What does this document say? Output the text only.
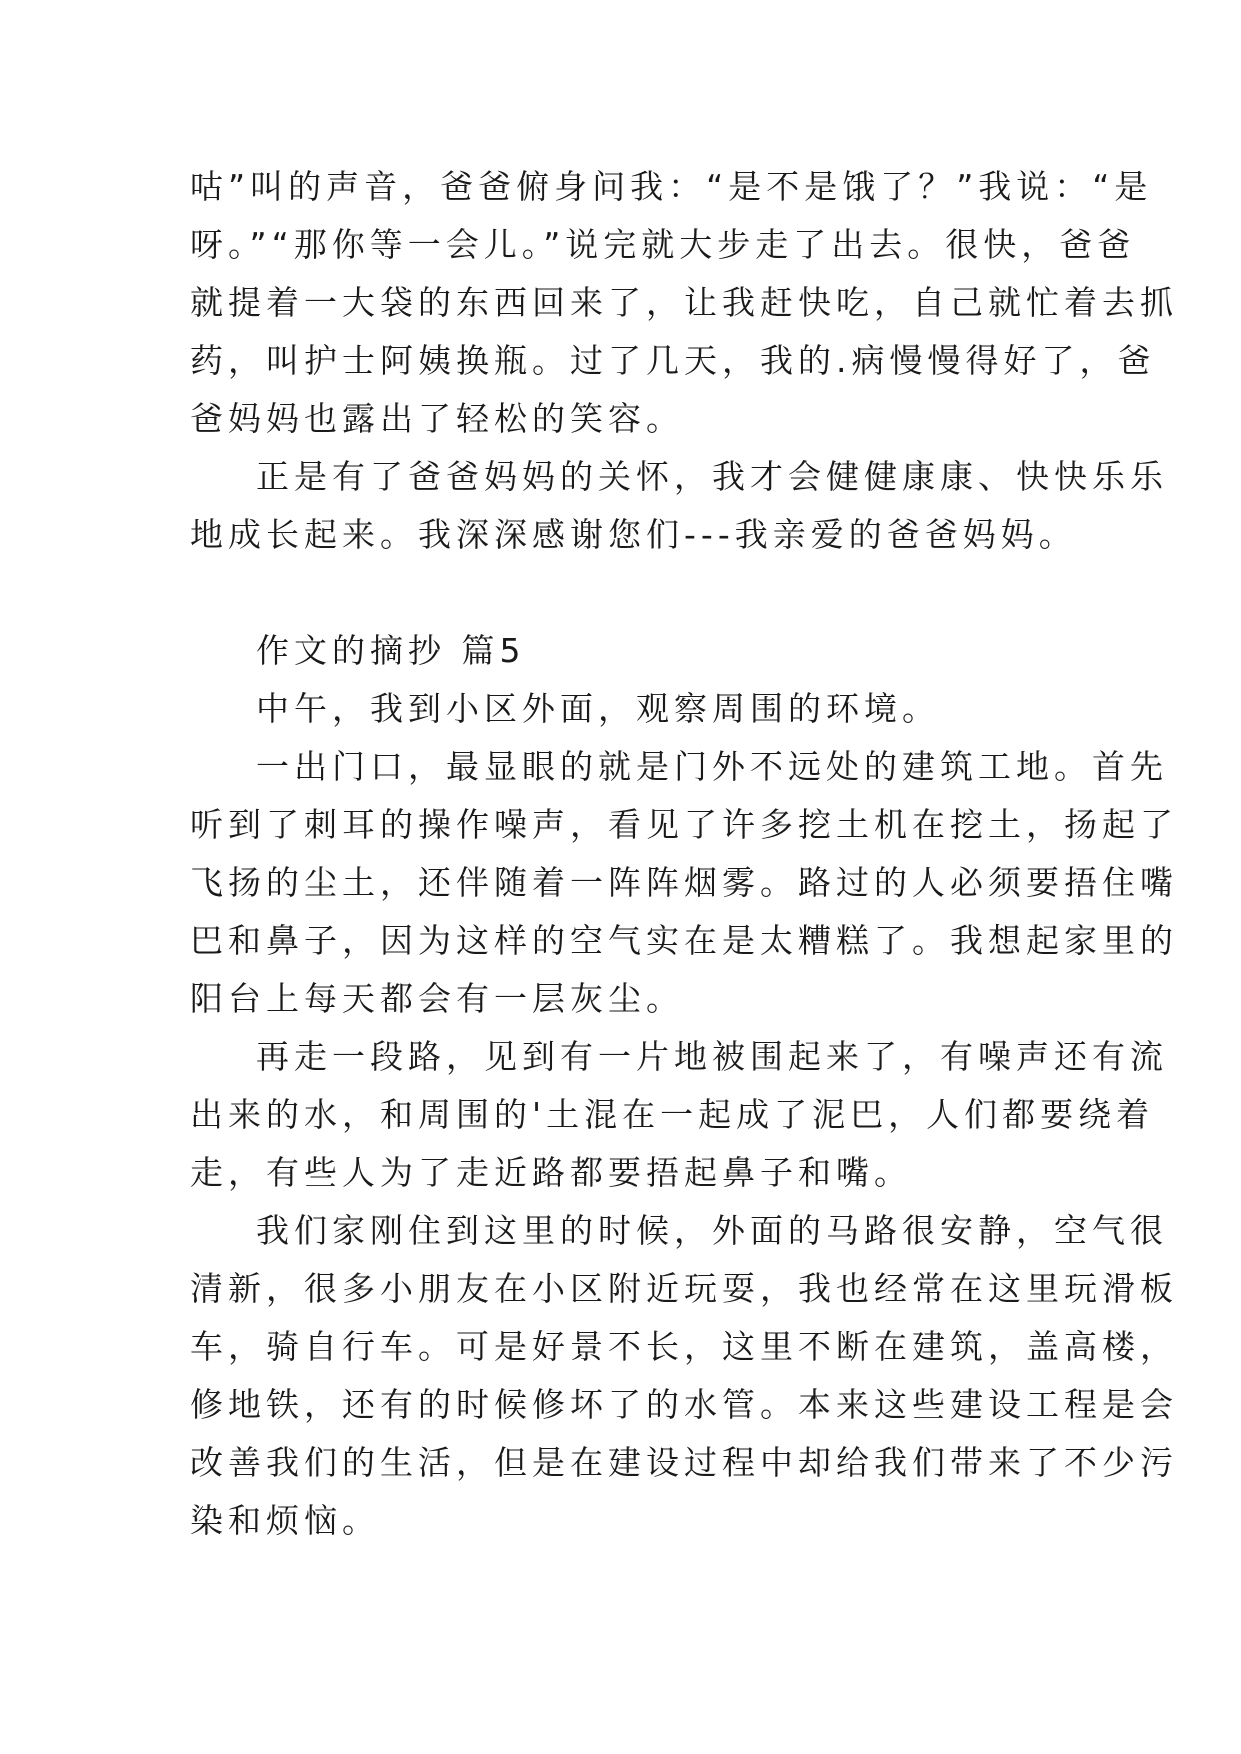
咕”叫的声音，爸爸俯身问我：“是不是饿了？”我说：“是
呀。”“那你等一会儿。”说完就大步走了出去。很快，爸爸
就提着一大袋的东西回来了，让我赶快吃，自己就忙着去抓
药，叫护士阿姨换瓶。过了几天，我的.病慢慢得好了，爸
爸妈妈也露出了轻松的笑容。
正是有了爸爸妈妈的关怀，我才会健健康康、快快乐乐
地成长起来。我深深感谢您们---我亲爱的爸爸妈妈。
作文的摘抄 篇5
中午，我到小区外面，观察周围的环境。
一出门口，最显眼的就是门外不远处的建筑工地。首先
听到了刺耳的操作噪声，看见了许多挖土机在挖土，扬起了
飞扬的尘土，还伴随着一阵阵烟雾。路过的人必须要捂住嘴
巴和鼻子，因为这样的空气实在是太糟糕了。我想起家里的
阳台上每天都会有一层灰尘。
再走一段路，见到有一片地被围起来了，有噪声还有流
出来的水，和周围的'土混在一起成了泥巴，人们都要绕着
走，有些人为了走近路都要捂起鼻子和嘴。
我们家刚住到这里的时候，外面的马路很安静，空气很
清新，很多小朋友在小区附近玩耍，我也经常在这里玩滑板
车，骑自行车。可是好景不长，这里不断在建筑，盖高楼，
修地铁，还有的时候修坏了的水管。本来这些建设工程是会
改善我们的生活，但是在建设过程中却给我们带来了不少污
染和烦恼。
